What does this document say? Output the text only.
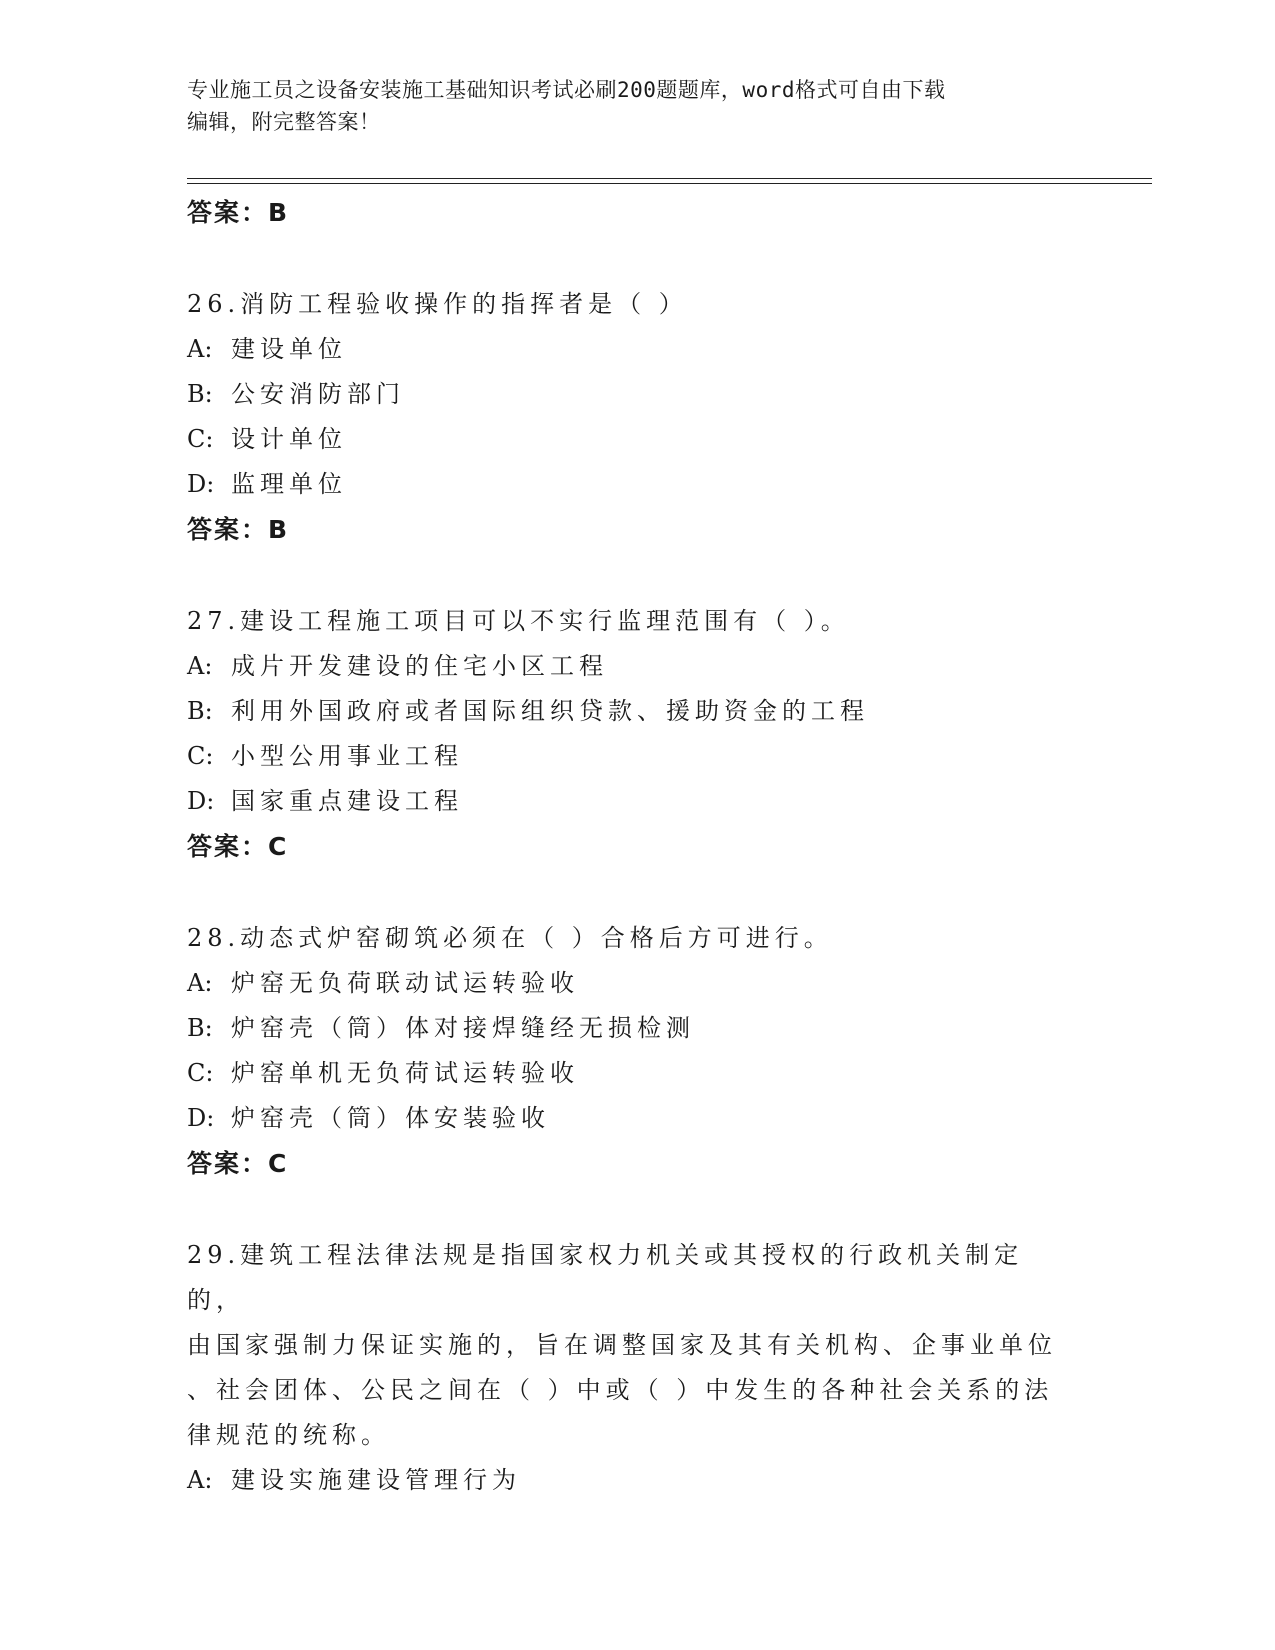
专业施工员之设备安装施工基础知识考试必刷200题题库，word格式可自由下载
编辑，附完整答案！
答案：B
26.消防工程验收操作的指挥者是（ ）
A: 建设单位
B: 公安消防部门
C: 设计单位
D: 监理单位
答案：B
27.建设工程施工项目可以不实行监理范围有（ ）。
A: 成片开发建设的住宅小区工程
B: 利用外国政府或者国际组织贷款、援助资金的工程
C: 小型公用事业工程
D: 国家重点建设工程
答案：C
28.动态式炉窑砌筑必须在（ ）合格后方可进行。
A: 炉窑无负荷联动试运转验收
B: 炉窑壳（筒）体对接焊缝经无损检测
C: 炉窑单机无负荷试运转验收
D: 炉窑壳（筒）体安装验收
答案：C
29.建筑工程法律法规是指国家权力机关或其授权的行政机关制定的，
由国家强制力保证实施的，旨在调整国家及其有关机构、企事业单位
、社会团体、公民之间在（ ）中或（ ）中发生的各种社会关系的法
律规范的统称。
A: 建设实施建设管理行为
